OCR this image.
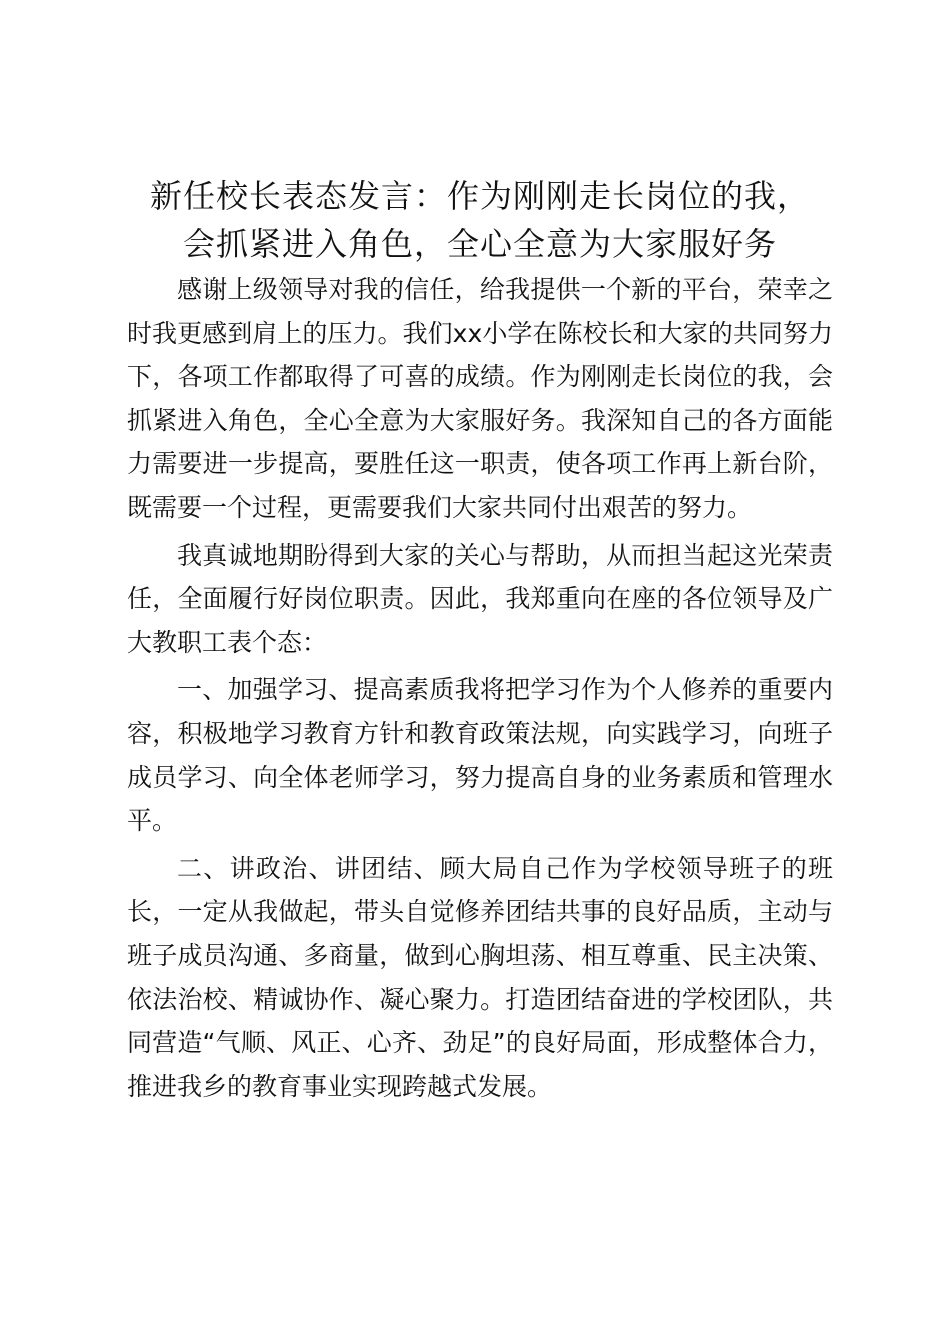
新任校长表态发言：作为刚刚走长岗位的我，
会抓紧进入角色，全心全意为大家服好务

感谢上级领导对我的信任，给我提供一个新的平台，荣幸之时我更感到肩上的压力。我们xx小学在陈校长和大家的共同努力下，各项工作都取得了可喜的成绩。作为刚刚走长岗位的我，会抓紧进入角色，全心全意为大家服好务。我深知自己的各方面能力需要进一步提高，要胜任这一职责，使各项工作再上新台阶，既需要一个过程，更需要我们大家共同付出艰苦的努力。

我真诚地期盼得到大家的关心与帮助，从而担当起这光荣责任，全面履行好岗位职责。因此，我郑重向在座的各位领导及广大教职工表个态：

一、加强学习、提高素质我将把学习作为个人修养的重要内容，积极地学习教育方针和教育政策法规，向实践学习，向班子成员学习、向全体老师学习，努力提高自身的业务素质和管理水平。

二、讲政治、讲团结、顾大局自己作为学校领导班子的班长，一定从我做起，带头自觉修养团结共事的良好品质，主动与班子成员沟通、多商量，做到心胸坦荡、相互尊重、民主决策、依法治校、精诚协作、凝心聚力。打造团结奋进的学校团队，共同营造“气顺、风正、心齐、劲足”的良好局面，形成整体合力，推进我乡的教育事业实现跨越式发展。
